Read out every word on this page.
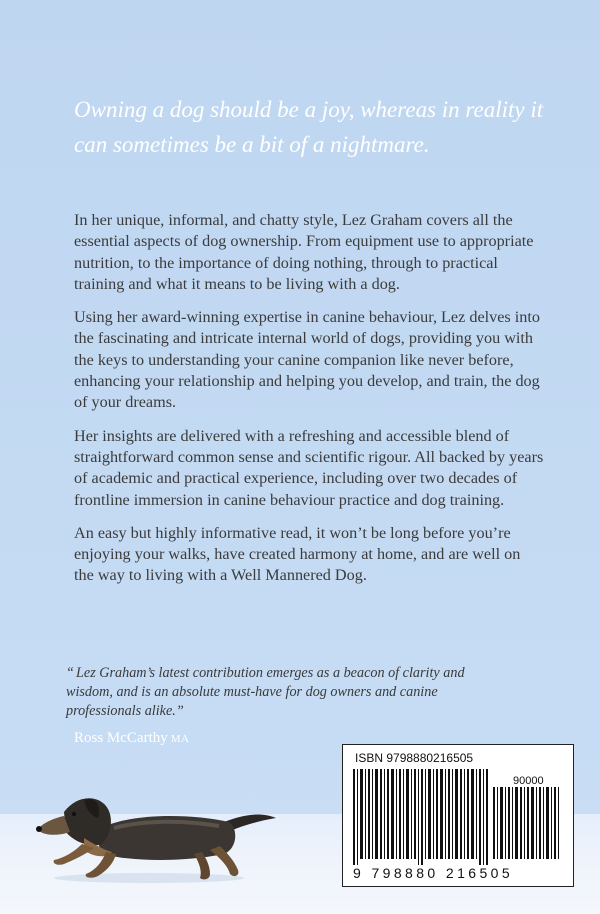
Owning a dog should be a joy, whereas in reality it can sometimes be a bit of a nightmare.

In her unique, informal, and chatty style, Lez Graham covers all the essential aspects of dog ownership. From equipment use to appropriate nutrition, to the importance of doing nothing, through to practical training and what it means to be living with a dog.

Using her award-winning expertise in canine behaviour, Lez delves into the fascinating and intricate internal world of dogs, providing you with the keys to understanding your canine companion like never before, enhancing your relationship and helping you develop, and train, the dog of your dreams.

Her insights are delivered with a refreshing and accessible blend of straightforward common sense and scientific rigour. All backed by years of academic and practical experience, including over two decades of frontline immersion in canine behaviour practice and dog training.

An easy but highly informative read, it won’t be long before you’re enjoying your walks, have created harmony at home, and are well on the way to living with a Well Mannered Dog.

“ Lez Graham’s latest contribution emerges as a beacon of clarity and wisdom, and is an absolute must-have for dog owners and canine professionals alike.”
Ross McCarthy MA
ISBN 9798880216505
90000
9 798880 216505
